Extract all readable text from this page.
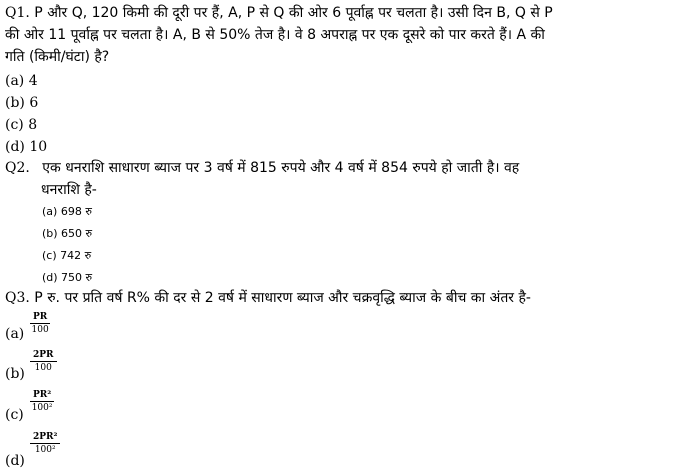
Q1. P और Q, 120 किमी की दूरी पर हैं, A, P से Q की ओर 6 पूर्वाह्न पर चलता है। उसी दिन B, Q से P
की ओर 11 पूर्वाह्न पर चलता है। A, B से 50% तेज है। वे 8 अपराह्न पर एक दूसरे को पार करते हैं। A की
गति (किमी/घंटा) है?
(a) 4
(b) 6
(c) 8
(d) 10
Q2. एक धनराशि साधारण ब्याज पर 3 वर्ष में 815 रुपये और 4 वर्ष में 854 रुपये हो जाती है। वह
धनराशि है-
(a) 698 रु
(b) 650 रु
(c) 742 रु
(d) 750 रु
Q3. P रु. पर प्रति वर्ष R% की दर से 2 वर्ष में साधारण ब्याज और चक्रवृद्धि ब्याज के बीच का अंतर है-
$(a) \frac{PR}{100}$
(b)
$\frac{2PR}{100}$
(c)
$\frac{\text{PR²}}{\text{100²}}$
(d)
$\frac{\text{2PR²}}{\text{100²}}$
